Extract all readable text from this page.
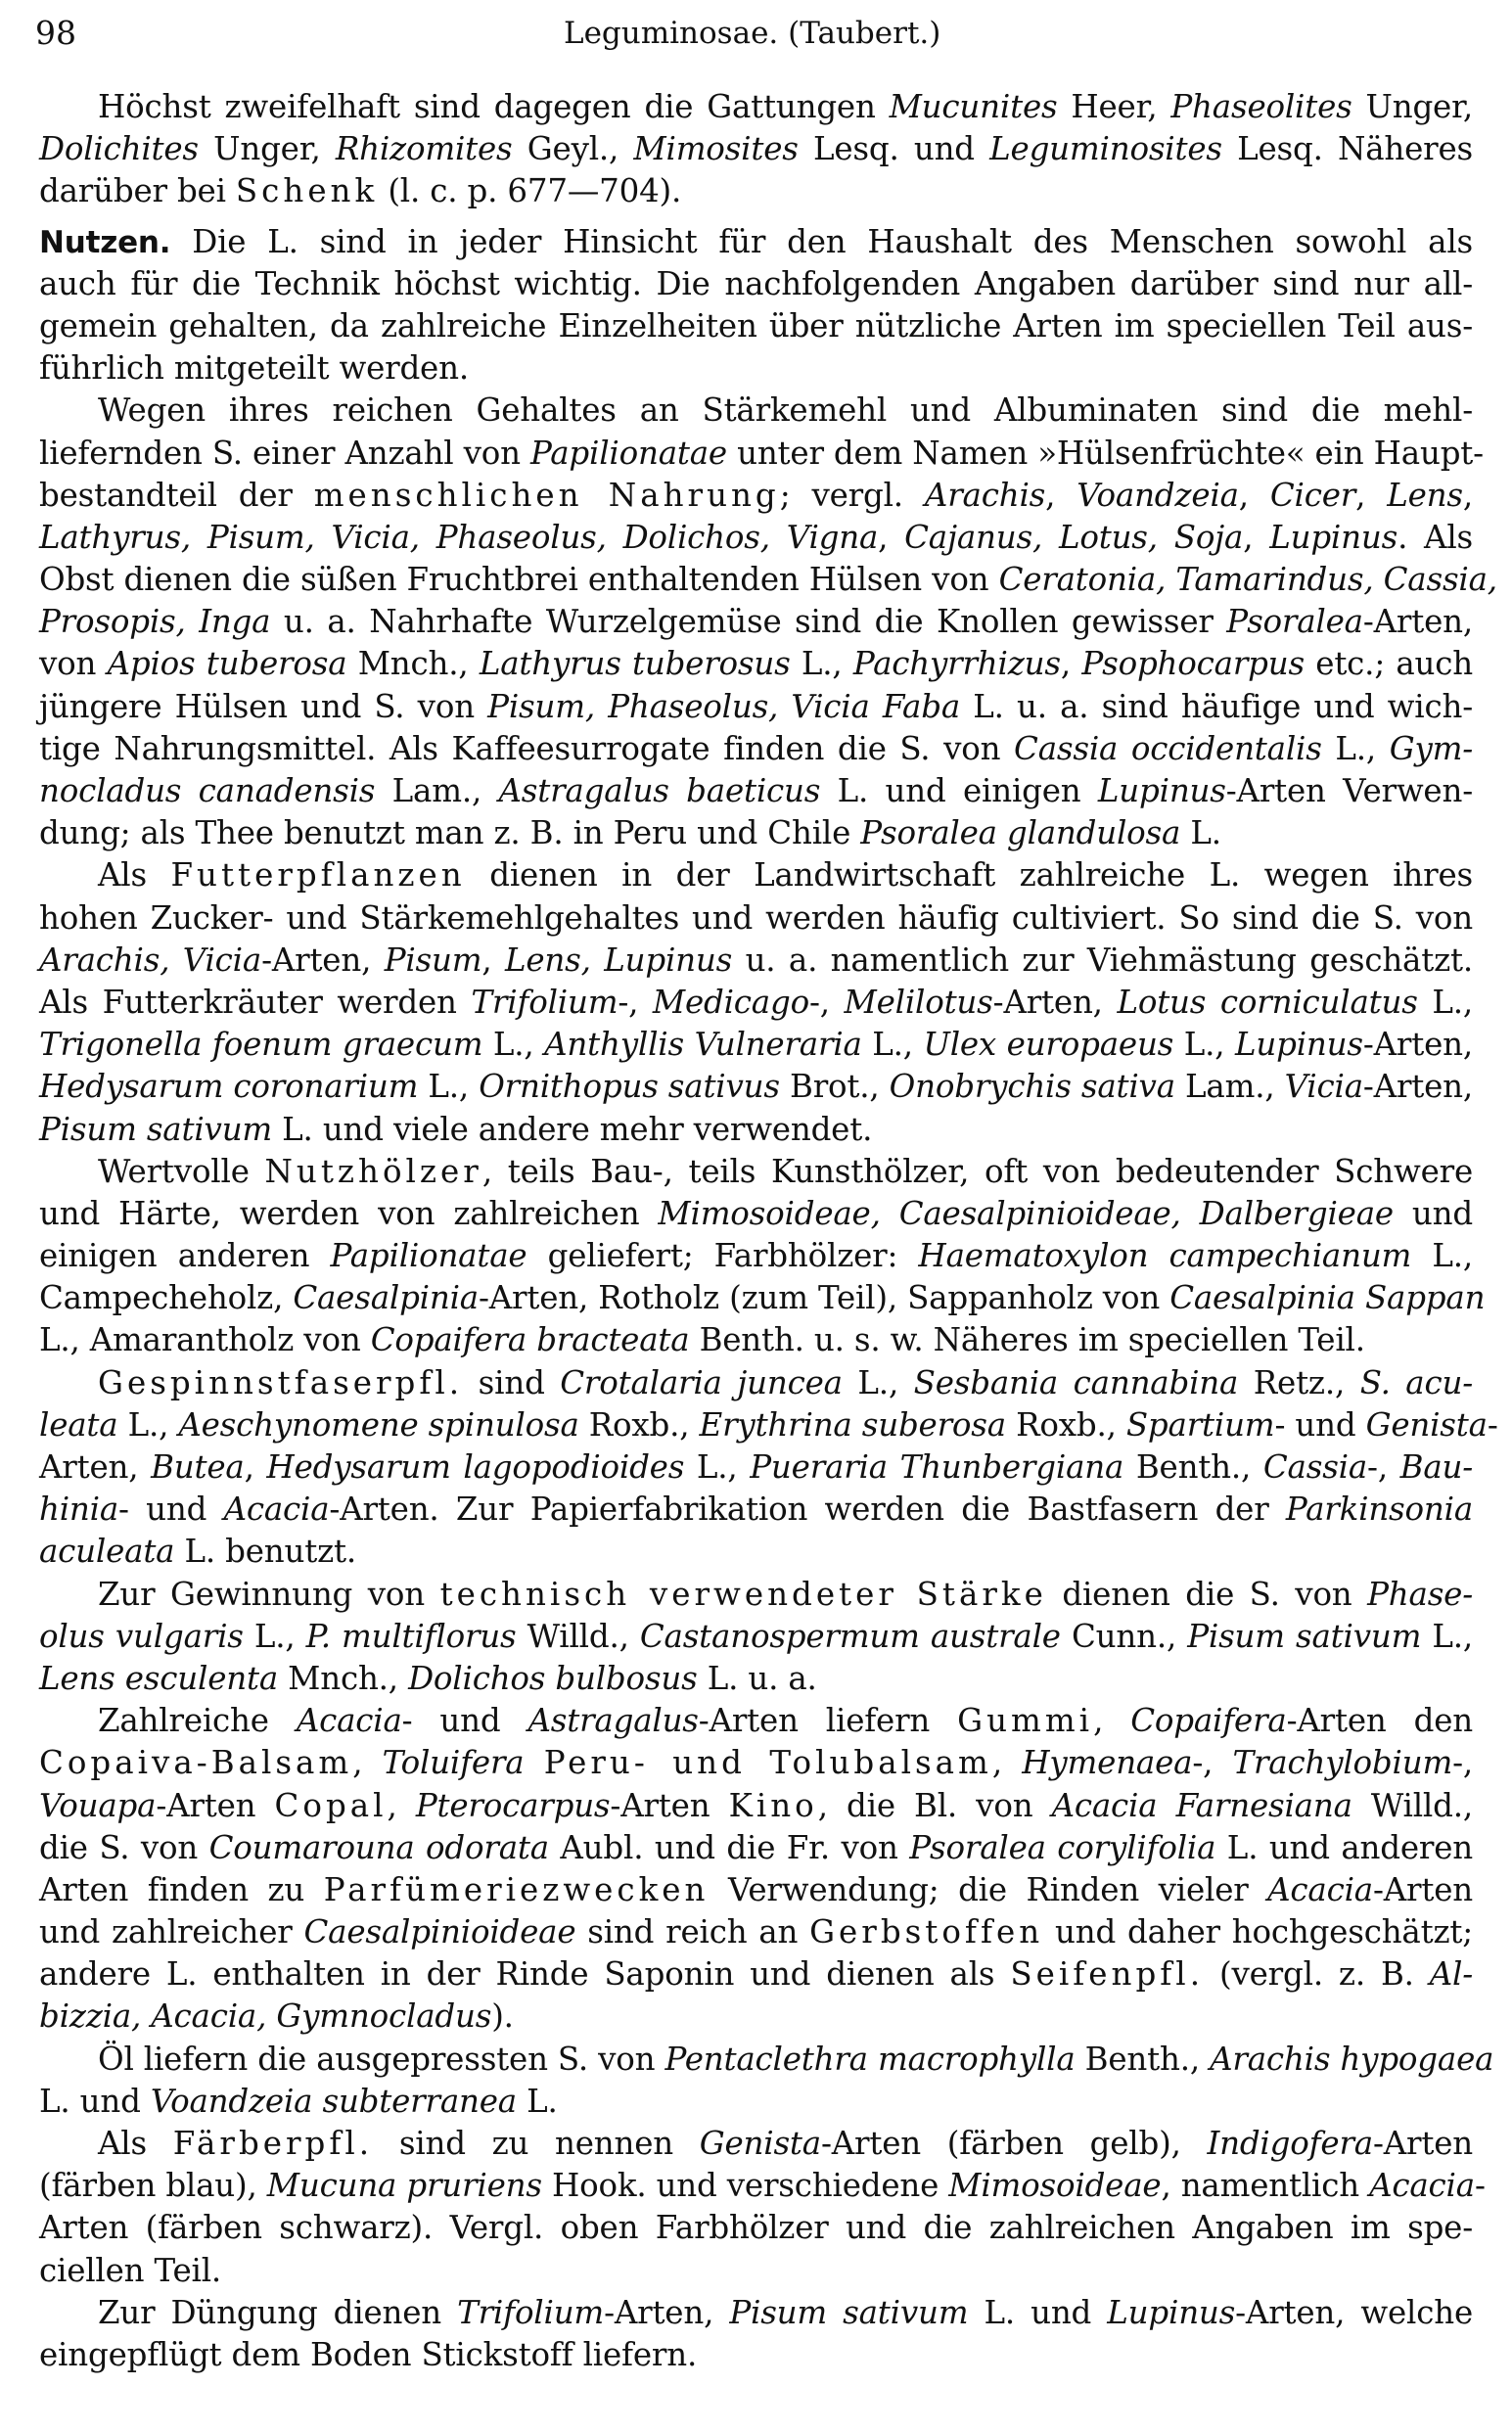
98	Leguminosae. (Taubert.)
Höchst zweifelhaft sind dagegen die Gattungen Mucunites Heer, Phaseolites Unger,
Dolichites Unger, Rhizomites Geyl., Mimosites Lesq. und Leguminosites Lesq. Näheres
darüber bei Schenk (l. c. p. 677—704).
Nutzen. Die L. sind in jeder Hinsicht für den Haushalt des Menschen sowohl als
auch für die Technik höchst wichtig. Die nachfolgenden Angaben darüber sind nur all-
gemein gehalten, da zahlreiche Einzelheiten über nützliche Arten im speciellen Teil aus-
führlich mitgeteilt werden.
Wegen ihres reichen Gehaltes an Stärkemehl und Albuminaten sind die mehl-
liefernden S. einer Anzahl von Papilionatae unter dem Namen »Hülsenfrüchte« ein Haupt-
bestandteil der menschlichen Nahrung; vergl. Arachis, Voandzeia, Cicer, Lens,
Lathyrus, Pisum, Vicia, Phaseolus, Dolichos, Vigna, Cajanus, Lotus, Soja, Lupinus. Als
Obst dienen die süßen Fruchtbrei enthaltenden Hülsen von Ceratonia, Tamarindus, Cassia,
Prosopis, Inga u. a. Nahrhafte Wurzelgemüse sind die Knollen gewisser Psoralea-Arten,
von Apios tuberosa Mnch., Lathyrus tuberosus L., Pachyrrhizus, Psophocarpus etc.; auch
jüngere Hülsen und S. von Pisum, Phaseolus, Vicia Faba L. u. a. sind häufige und wich-
tige Nahrungsmittel. Als Kaffeesurrogate finden die S. von Cassia occidentalis L., Gym-
nocladus canadensis Lam., Astragalus baeticus L. und einigen Lupinus-Arten Verwen-
dung; als Thee benutzt man z. B. in Peru und Chile Psoralea glandulosa L.
Als Futterpflanzen dienen in der Landwirtschaft zahlreiche L. wegen ihres
hohen Zucker- und Stärkemehlgehaltes und werden häufig cultiviert. So sind die S. von
Arachis, Vicia-Arten, Pisum, Lens, Lupinus u. a. namentlich zur Viehmästung geschätzt.
Als Futterkräuter werden Trifolium-, Medicago-, Melilotus-Arten, Lotus corniculatus L.,
Trigonella foenum graecum L., Anthyllis Vulneraria L., Ulex europaeus L., Lupinus-Arten,
Hedysarum coronarium L., Ornithopus sativus Brot., Onobrychis sativa Lam., Vicia-Arten,
Pisum sativum L. und viele andere mehr verwendet.
Wertvolle Nutzhölzer, teils Bau-, teils Kunsthölzer, oft von bedeutender Schwere
und Härte, werden von zahlreichen Mimosoideae, Caesalpinioideae, Dalbergieae und
einigen anderen Papilionatae geliefert; Farbhölzer: Haematoxylon campechianum L.,
Campecheholz, Caesalpinia-Arten, Rotholz (zum Teil), Sappanholz von Caesalpinia Sappan
L., Amarantholz von Copaifera bracteata Benth. u. s. w. Näheres im speciellen Teil.
Gespinnstfaserpfl. sind Crotalaria juncea L., Sesbania cannabina Retz., S. acu-
leata L., Aeschynomene spinulosa Roxb., Erythrina suberosa Roxb., Spartium- und Genista-
Arten, Butea, Hedysarum lagopodioides L., Pueraria Thunbergiana Benth., Cassia-, Bau-
hinia- und Acacia-Arten. Zur Papierfabrikation werden die Bastfasern der Parkinsonia
aculeata L. benutzt.
Zur Gewinnung von technisch verwendeter Stärke dienen die S. von Phase-
olus vulgaris L., P. multiflorus Willd., Castanospermum australe Cunn., Pisum sativum L.,
Lens esculenta Mnch., Dolichos bulbosus L. u. a.
Zahlreiche Acacia- und Astragalus-Arten liefern Gummi, Copaifera-Arten den
Copaiva-Balsam, Toluifera Peru- und Tolubalsam, Hymenaea-, Trachylobium-,
Vouapa-Arten Copal, Pterocarpus-Arten Kino, die Bl. von Acacia Farnesiana Willd.,
die S. von Coumarouna odorata Aubl. und die Fr. von Psoralea corylifolia L. und anderen
Arten finden zu Parfümeriezwecken Verwendung; die Rinden vieler Acacia-Arten
und zahlreicher Caesalpinioideae sind reich an Gerbstoffen und daher hochgeschätzt;
andere L. enthalten in der Rinde Saponin und dienen als Seifenpfl. (vergl. z. B. Al-
bizzia, Acacia, Gymnocladus).
Öl liefern die ausgepressten S. von Pentaclethra macrophylla Benth., Arachis hypogaea
L. und Voandzeia subterranea L.
Als Färberpfl. sind zu nennen Genista-Arten (färben gelb), Indigofera-Arten
(färben blau), Mucuna pruriens Hook. und verschiedene Mimosoideae, namentlich Acacia-
Arten (färben schwarz). Vergl. oben Farbhölzer und die zahlreichen Angaben im spe-
ciellen Teil.
Zur Düngung dienen Trifolium-Arten, Pisum sativum L. und Lupinus-Arten, welche
eingepflügt dem Boden Stickstoff liefern.
